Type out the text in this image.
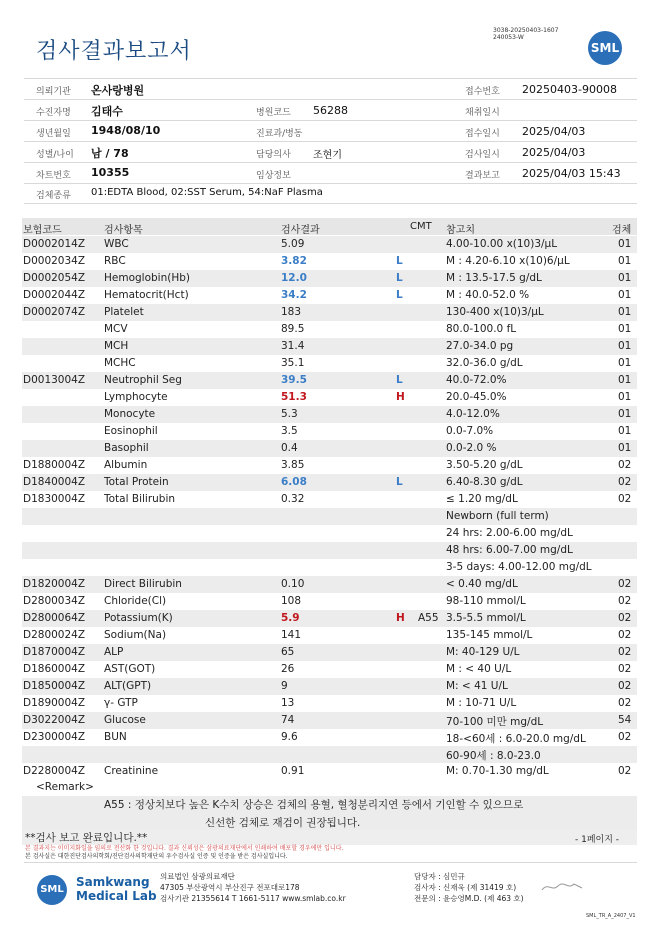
검사결과보고서
3038-20250403-1607
240053-W
SML
의뢰기관 온사랑병원	접수번호 20250403-90008
수진자명 김태수	병원코드 56288	채취일시
생년월일 1948/08/10	진료과/병동	접수일시 2025/04/03
성별/나이 남 / 78	담당의사 조현기	검사일시 2025/04/03
차트번호 10355	임상정보	결과보고 2025/04/03 15:43
검체종류 01:EDTA Blood, 02:SST Serum, 54:NaF Plasma
보험코드	검사항목	검사결과	CMT 참고치	검체
D0002014Z WBC	5.09	4.00-10.00 x(10)3/μL	01
D0002034Z RBC	3.82	L	M : 4.20-6.10 x(10)6/μL	01
D0002054Z Hemoglobin(Hb)	12.0	L	M : 13.5-17.5 g/dL	01
D0002044Z Hematocrit(Hct)	34.2	L	M : 40.0-52.0 %	01
D0002074Z Platelet	183	130-400 x(10)3/μL	01
MCV	89.5	80.0-100.0 fL	01
MCH	31.4	27.0-34.0 pg	01
MCHC	35.1	32.0-36.0 g/dL	01
D0013004Z Neutrophil Seg	39.5	L	40.0-72.0%	01
Lymphocyte	51.3	H	20.0-45.0%	01
Monocyte	5.3	4.0-12.0%	01
Eosinophil	3.5	0.0-7.0%	01
Basophil	0.4	0.0-2.0 %	01
D1880004Z Albumin	3.85	3.50-5.20 g/dL	02
D1840004Z Total Protein	6.08	L	6.40-8.30 g/dL	02
D1830004Z Total Bilirubin	0.32	≤ 1.20 mg/dL	02
Newborn (full term)
24 hrs: 2.00-6.00 mg/dL
48 hrs: 6.00-7.00 mg/dL
3-5 days: 4.00-12.00 mg/dL
D1820004Z Direct Bilirubin	0.10	< 0.40 mg/dL	02
D2800034Z Chloride(Cl)	108	98-110 mmol/L	02
D2800064Z Potassium(K)	5.9	H A55 3.5-5.5 mmol/L	02
D2800024Z Sodium(Na)	141	135-145 mmol/L	02
D1870004Z ALP	65	M: 40-129 U/L	02
D1860004Z AST(GOT)	26	M : < 40 U/L	02
D1850004Z ALT(GPT)	9	M: < 41 U/L	02
D1890004Z γ- GTP	13	M : 10-71 U/L	02
D3022004Z Glucose	74	70-100 미만 mg/dL	54
D2300004Z BUN	9.6	18-<60세 : 6.0-20.0 mg/dL	02
60-90세 : 8.0-23.0
D2280004Z Creatinine	0.91	M: 0.70-1.30 mg/dL	02
<Remark>
A55 : 정상치보다 높은 K수치 상승은 검체의 용혈, 혈청분리지연 등에서 기인할 수 있으므로
신선한 검체로 재검이 권장됩니다.
**검사 보고 완료입니다.**	- 1페이지 -
본 결과지는 이미지화일을 임의로 전산화 한 것입니다. 결과 신뢰성은 삼광의료재단에서 인쇄하여 배포할 경우에만 입니다.
본 검사실은 대한진단검사의학회/진단검사의학재단의 우수검사실 인증 및 인증을 받은 검사실입니다.
SML
Samkwang
Medical Lab
의료법인 삼광의료재단
47305 부산광역시 부산진구 전포대로178
검사기관 21355614 T 1661-5117 www.smlab.co.kr
담당자 : 심민규
검사자 : 신재욱 (제 31419 호)
전문의 : 윤승영M.D. (제 463 호)
SML_TR_A_2407_V1
